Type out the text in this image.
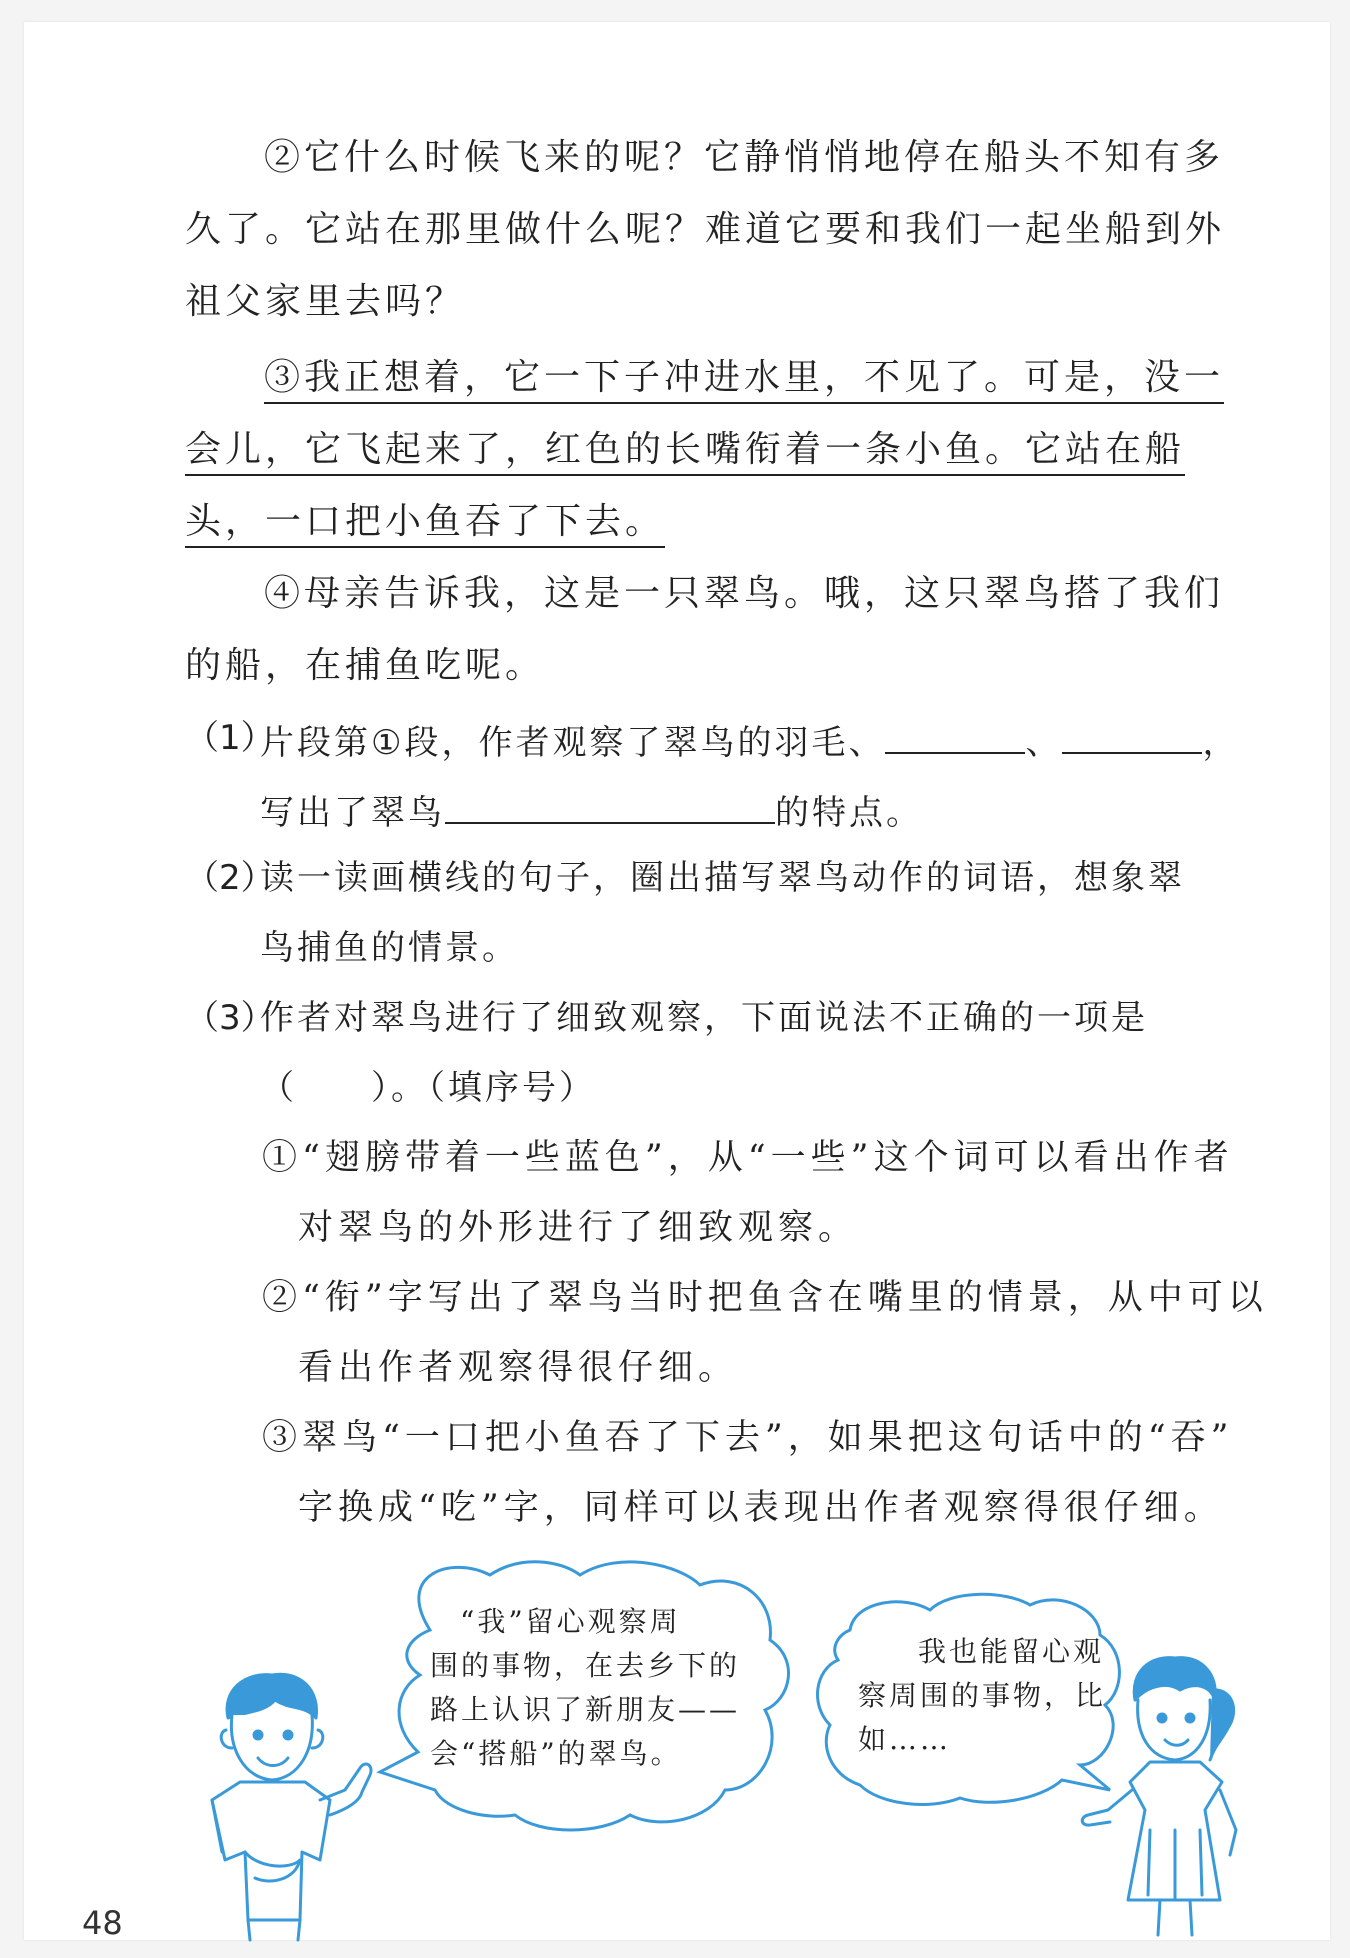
②它什么时候飞来的呢？它静悄悄地停在船头不知有多
久了。它站在那里做什么呢？难道它要和我们一起坐船到外
祖父家里去吗？
③我正想着，它一下子冲进水里，不见了。可是，没一
会儿，它飞起来了，红色的长嘴衔着一条小鱼。它站在船
头，一口把小鱼吞了下去。
④母亲告诉我，这是一只翠鸟。哦，这只翠鸟搭了我们
的船，在捕鱼吃呢。
（1）
片段第①段，作者观察了翠鸟的羽毛、	、	，
写出了翠鸟	的特点。
（2）
读一读画横线的句子，圈出描写翠鸟动作的词语，想象翠
鸟捕鱼的情景。
（3）
作者对翠鸟进行了细致观察，下面说法不正确的一项是
（　　）。（填序号）
①“翅膀带着一些蓝色”，从“一些”这个词可以看出作者
对翠鸟的外形进行了细致观察。
②“衔”字写出了翠鸟当时把鱼含在嘴里的情景，从中可以
看出作者观察得很仔细。
③翠鸟“一口把小鱼吞了下去”，如果把这句话中的“吞”
字换成“吃”字，同样可以表现出作者观察得很仔细。
“我”留心观察周
围的事物，在去乡下的
路上认识了新朋友——
会“搭船”的翠鸟。
我也能留心观
察周围的事物，比
如……
48
